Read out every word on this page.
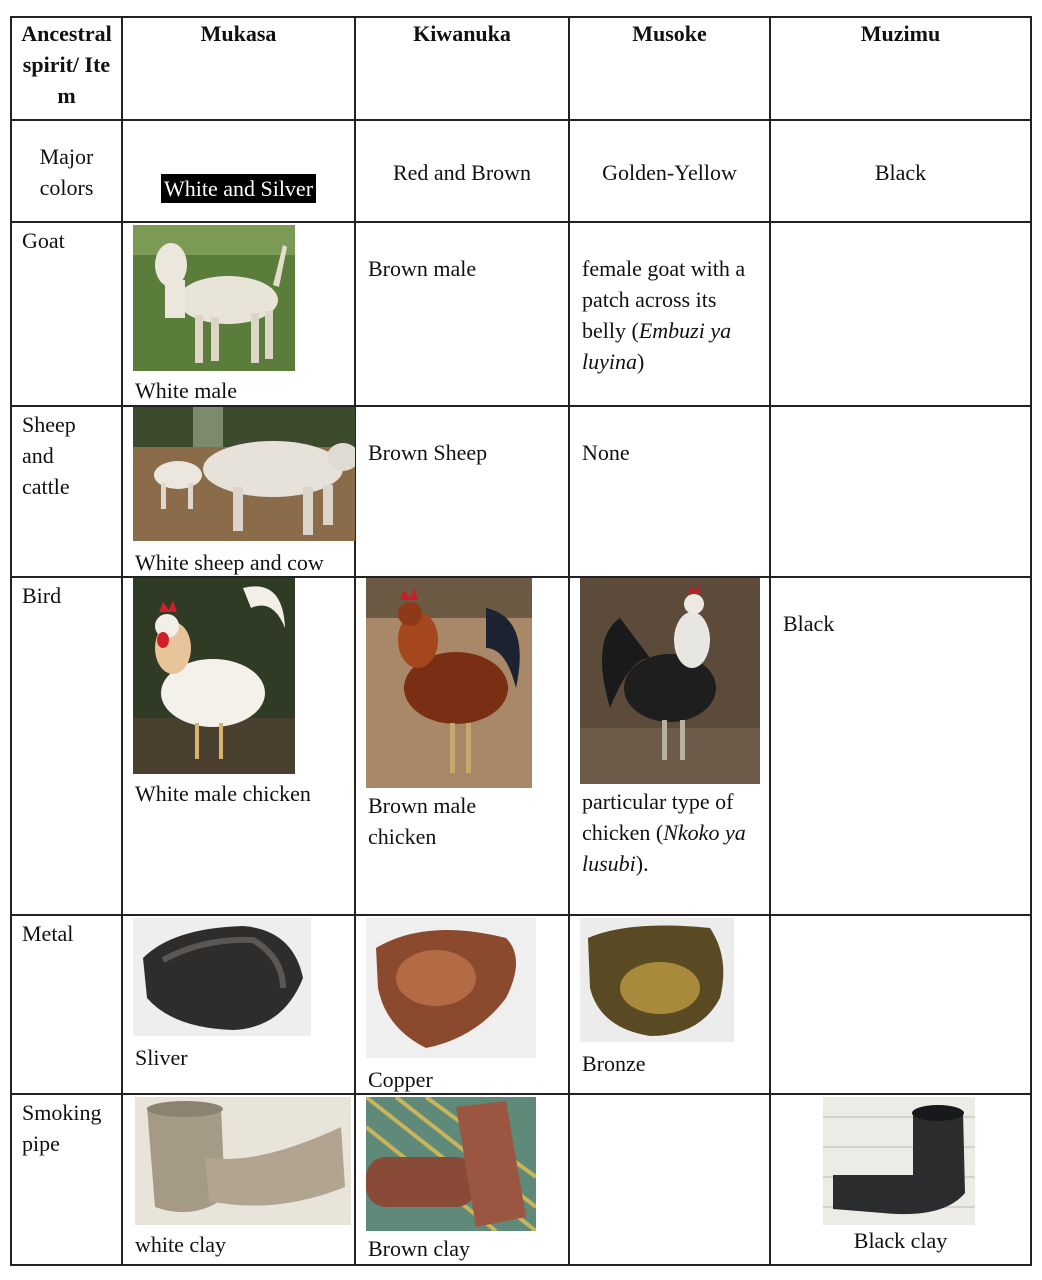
Ancestral spirit/ Item	Mukasa	Kiwanuka	Musoke	Muzimu

Major colors	White and Silver	Red and Brown	Golden-Yellow	Black

Goat	White male	Brown male	female goat with a patch across its belly (Embuzi ya luyina)	

Sheep and cattle	White sheep and cow	Brown Sheep	None	

Bird	White male chicken	Brown male chicken	particular type of chicken (Nkoko ya lusubi).	Black

Metal	Sliver	Copper	Bronze	

Smoking pipe	white clay	Brown clay		Black clay
